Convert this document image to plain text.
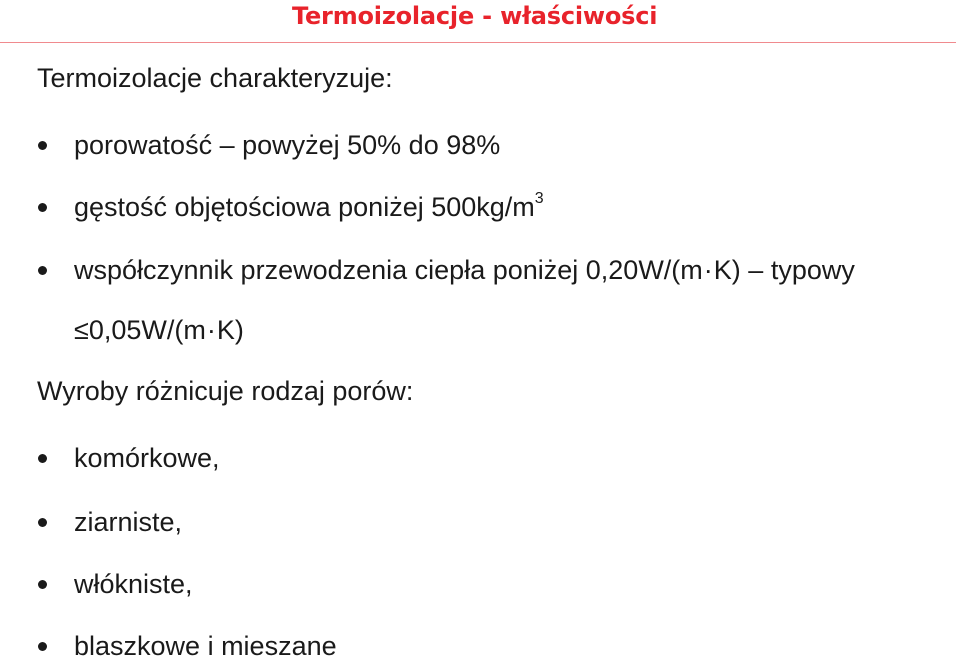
Termoizolacje - właściwości
Termoizolacje charakteryzuje:
porowatość – powyżej 50% do 98%
gęstość objętościowa poniżej $500kg/m^3$
współczynnik przewodzenia ciepła poniżej 0,20W/(m·K) – typowy
≤0,05W/(m·K)
Wyroby różnicuje rodzaj porów:
komórkowe,
ziarniste,
włókniste,
blaszkowe i mieszane
